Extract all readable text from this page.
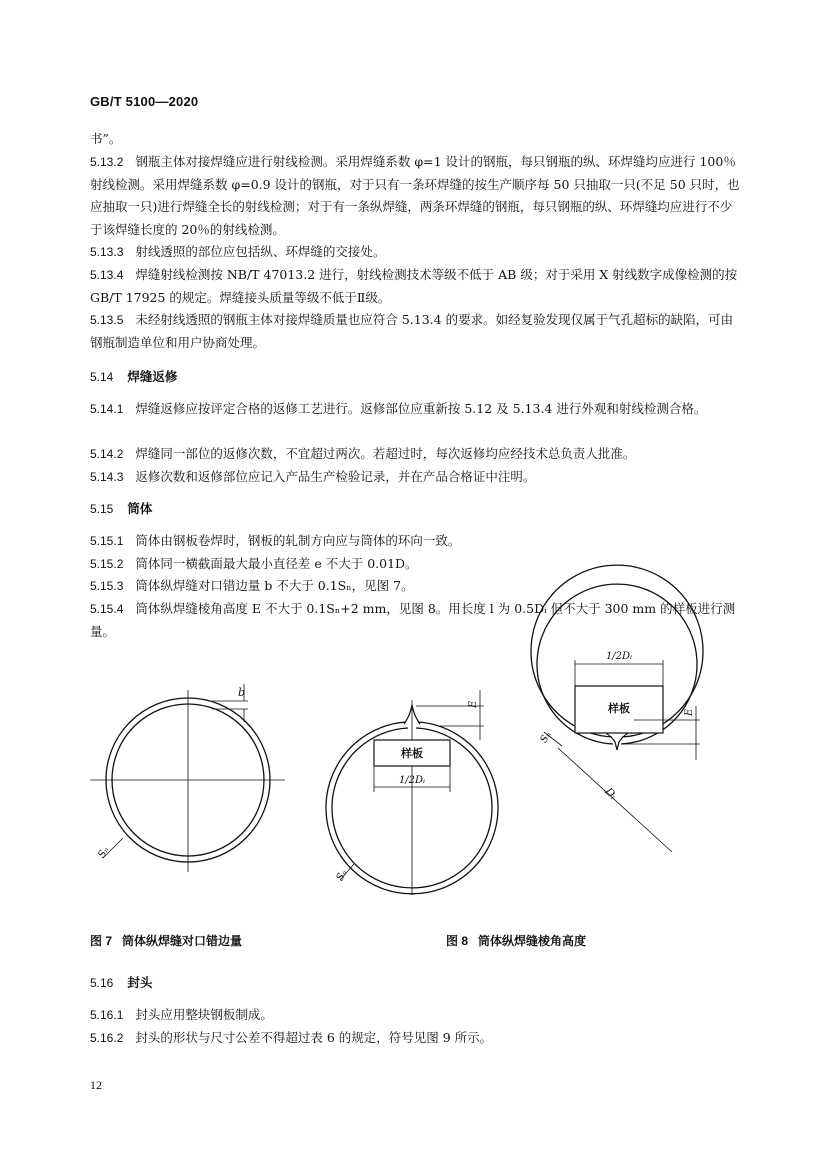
GB/T 5100—2020
书”。
5.13.2 钢瓶主体对接焊缝应进行射线检测。采用焊缝系数 φ=1 设计的钢瓶，每只钢瓶的纵、环焊缝均应进行 100％射线检测。采用焊缝系数 φ=0.9 设计的钢瓶，对于只有一条环焊缝的按生产顺序每 50 只抽取一只(不足 50 只时，也应抽取一只)进行焊缝全长的射线检测；对于有一条纵焊缝，两条环焊缝的钢瓶，每只钢瓶的纵、环焊缝均应进行不少于该焊缝长度的 20％的射线检测。
5.13.3 射线透照的部位应包括纵、环焊缝的交接处。
5.13.4 焊缝射线检测按 NB/T 47013.2 进行，射线检测技术等级不低于 AB 级；对于采用 X 射线数字成像检测的按 GB/T 17925 的规定。焊缝接头质量等级不低于Ⅱ级。
5.13.5 未经射线透照的钢瓶主体对接焊缝质量也应符合 5.13.4 的要求。如经复验发现仅属于气孔超标的缺陷，可由钢瓶制造单位和用户协商处理。
5.14 焊缝返修
5.14.1 焊缝返修应按评定合格的返修工艺进行。返修部位应重新按 5.12 及 5.13.4 进行外观和射线检测合格。
5.14.2 焊缝同一部位的返修次数，不宜超过两次。若超过时，每次返修均应经技术总负责人批准。
5.14.3 返修次数和返修部位应记入产品生产检验记录，并在产品合格证中注明。
5.15 筒体
5.15.1 筒体由钢板卷焊时，钢板的轧制方向应与筒体的环向一致。
5.15.2 筒体同一横截面最大最小直径差 e 不大于 0.01D。
5.15.3 筒体纵焊缝对口错边量 b 不大于 0.1Sₙ，见图 7。
5.15.4 筒体纵焊缝棱角高度 E 不大于 0.1Sₙ+2 mm，见图 8。用长度 l 为 0.5Dᵢ 但不大于 300 mm 的样板进行测量。
b
Sₙ
样板
1/2Dᵢ
E
Sₙ
样板
1/2Dᵢ
E
Sₙ
Dᵢ
图 7 筒体纵焊缝对口错边量	图 8 筒体纵焊缝棱角高度
5.16 封头
5.16.1 封头应用整块钢板制成。
5.16.2 封头的形状与尺寸公差不得超过表 6 的规定，符号见图 9 所示。
12
